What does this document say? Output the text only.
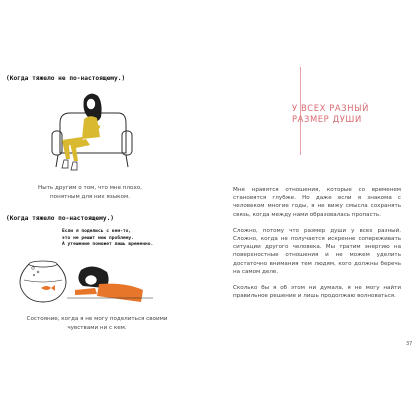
(Когда тяжело не по-настоящему.)
Ныть другим о том, что мне плохо, понятным для них языком.
(Когда тяжело по-настоящему.)
Если я поделюсь с кем-то,
это не решит мою проблему.
А утешение поможет лишь временно.
Состояние, когда я не могу поделиться своими чувствами ни с кем.
У ВСЕХ РАЗНЫЙ
РАЗМЕР ДУШИ

Мне нравятся отношения, которые со временем становятся глубже. Но даже если я знакома с человеком многие годы, я не вижу смысла сохранять связь, когда между нами образовалась пропасть.

Сложно, потому что размер души у всех разный. Сложно, когда не получается искренне сопереживать ситуации другого человека. Мы тратим энергию на поверхностные отношения и не можем уделить достаточно внимания тем людям, кого должны беречь на самом деле.

Сколько бы я об этом ни думала, я не могу найти правильное решение и лишь продолжаю волноваться.

37
